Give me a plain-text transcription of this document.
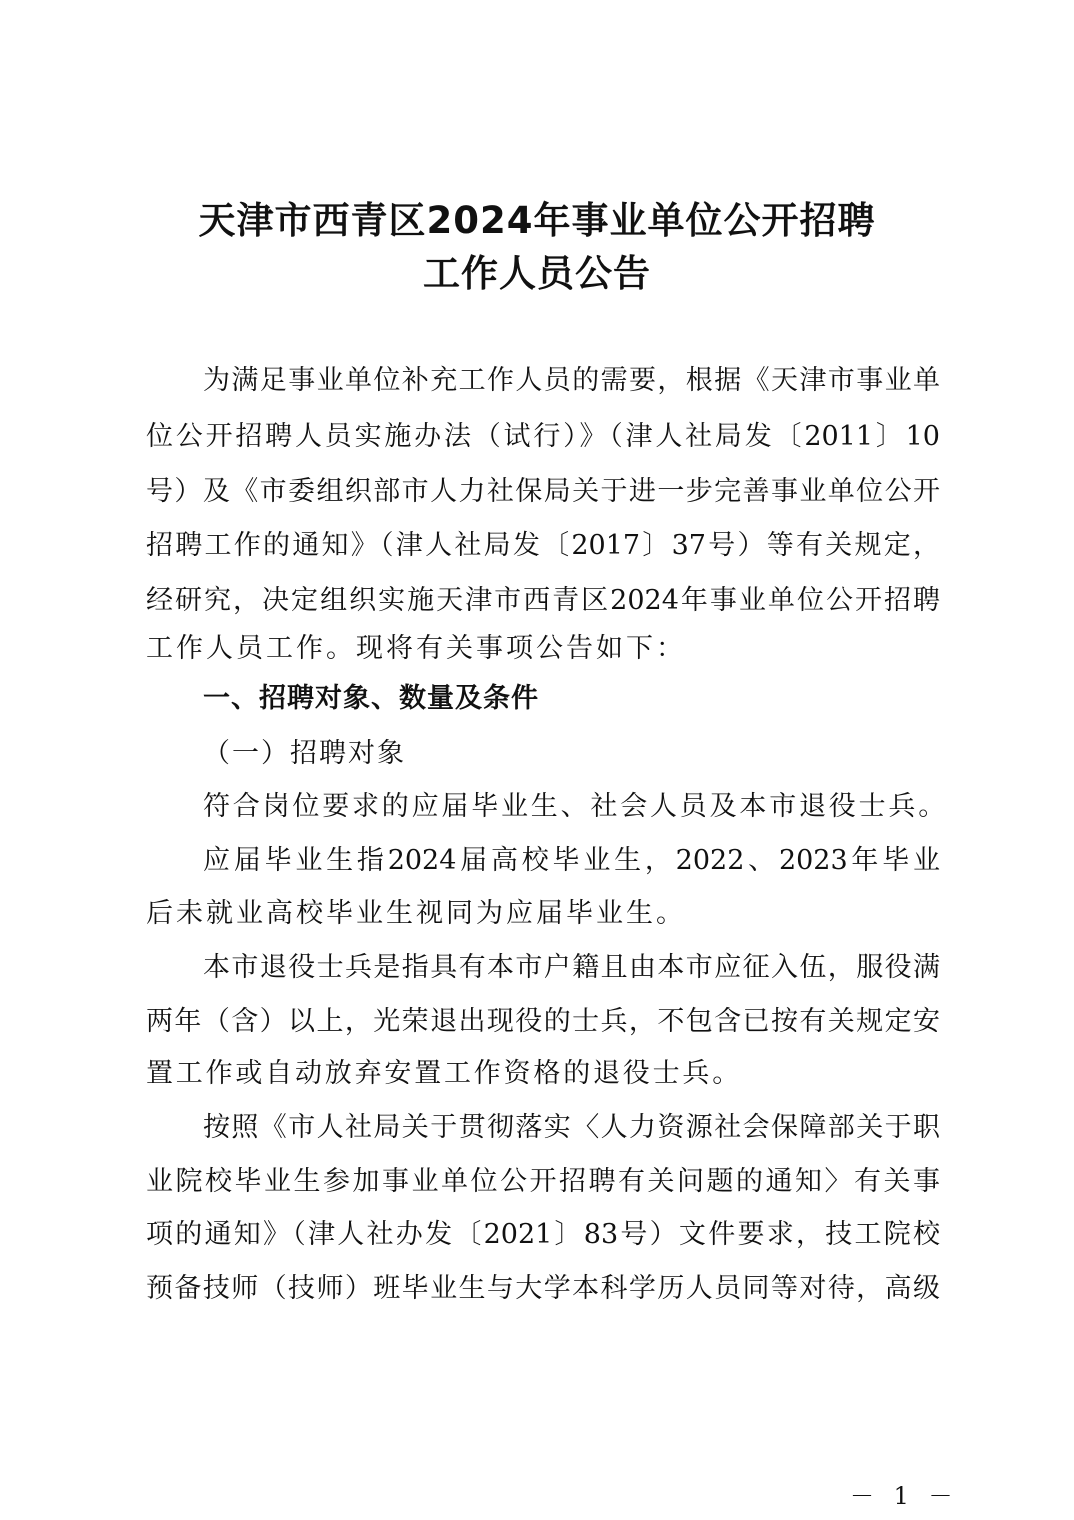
天津市西青区2024年事业单位公开招聘
工作人员公告
为满足事业单位补充工作人员的需要，根据《天津市事业单
位公开招聘人员实施办法（试行）》（津人社局发〔2011〕10
号）及《市委组织部市人力社保局关于进一步完善事业单位公开
招聘工作的通知》（津人社局发〔2017〕37号）等有关规定，
经研究，决定组织实施天津市西青区2024年事业单位公开招聘
工作人员工作。现将有关事项公告如下：
一、招聘对象、数量及条件
（一）招聘对象
符合岗位要求的应届毕业生、社会人员及本市退役士兵。
应届毕业生指2024届高校毕业生，2022、2023年毕业
后未就业高校毕业生视同为应届毕业生。
本市退役士兵是指具有本市户籍且由本市应征入伍，服役满
两年（含）以上，光荣退出现役的士兵，不包含已按有关规定安
置工作或自动放弃安置工作资格的退役士兵。
按照《市人社局关于贯彻落实〈人力资源社会保障部关于职
业院校毕业生参加事业单位公开招聘有关问题的通知〉有关事
项的通知》（津人社办发〔2021〕83号）文件要求，技工院校
预备技师（技师）班毕业生与大学本科学历人员同等对待，高级
－ 1 －
